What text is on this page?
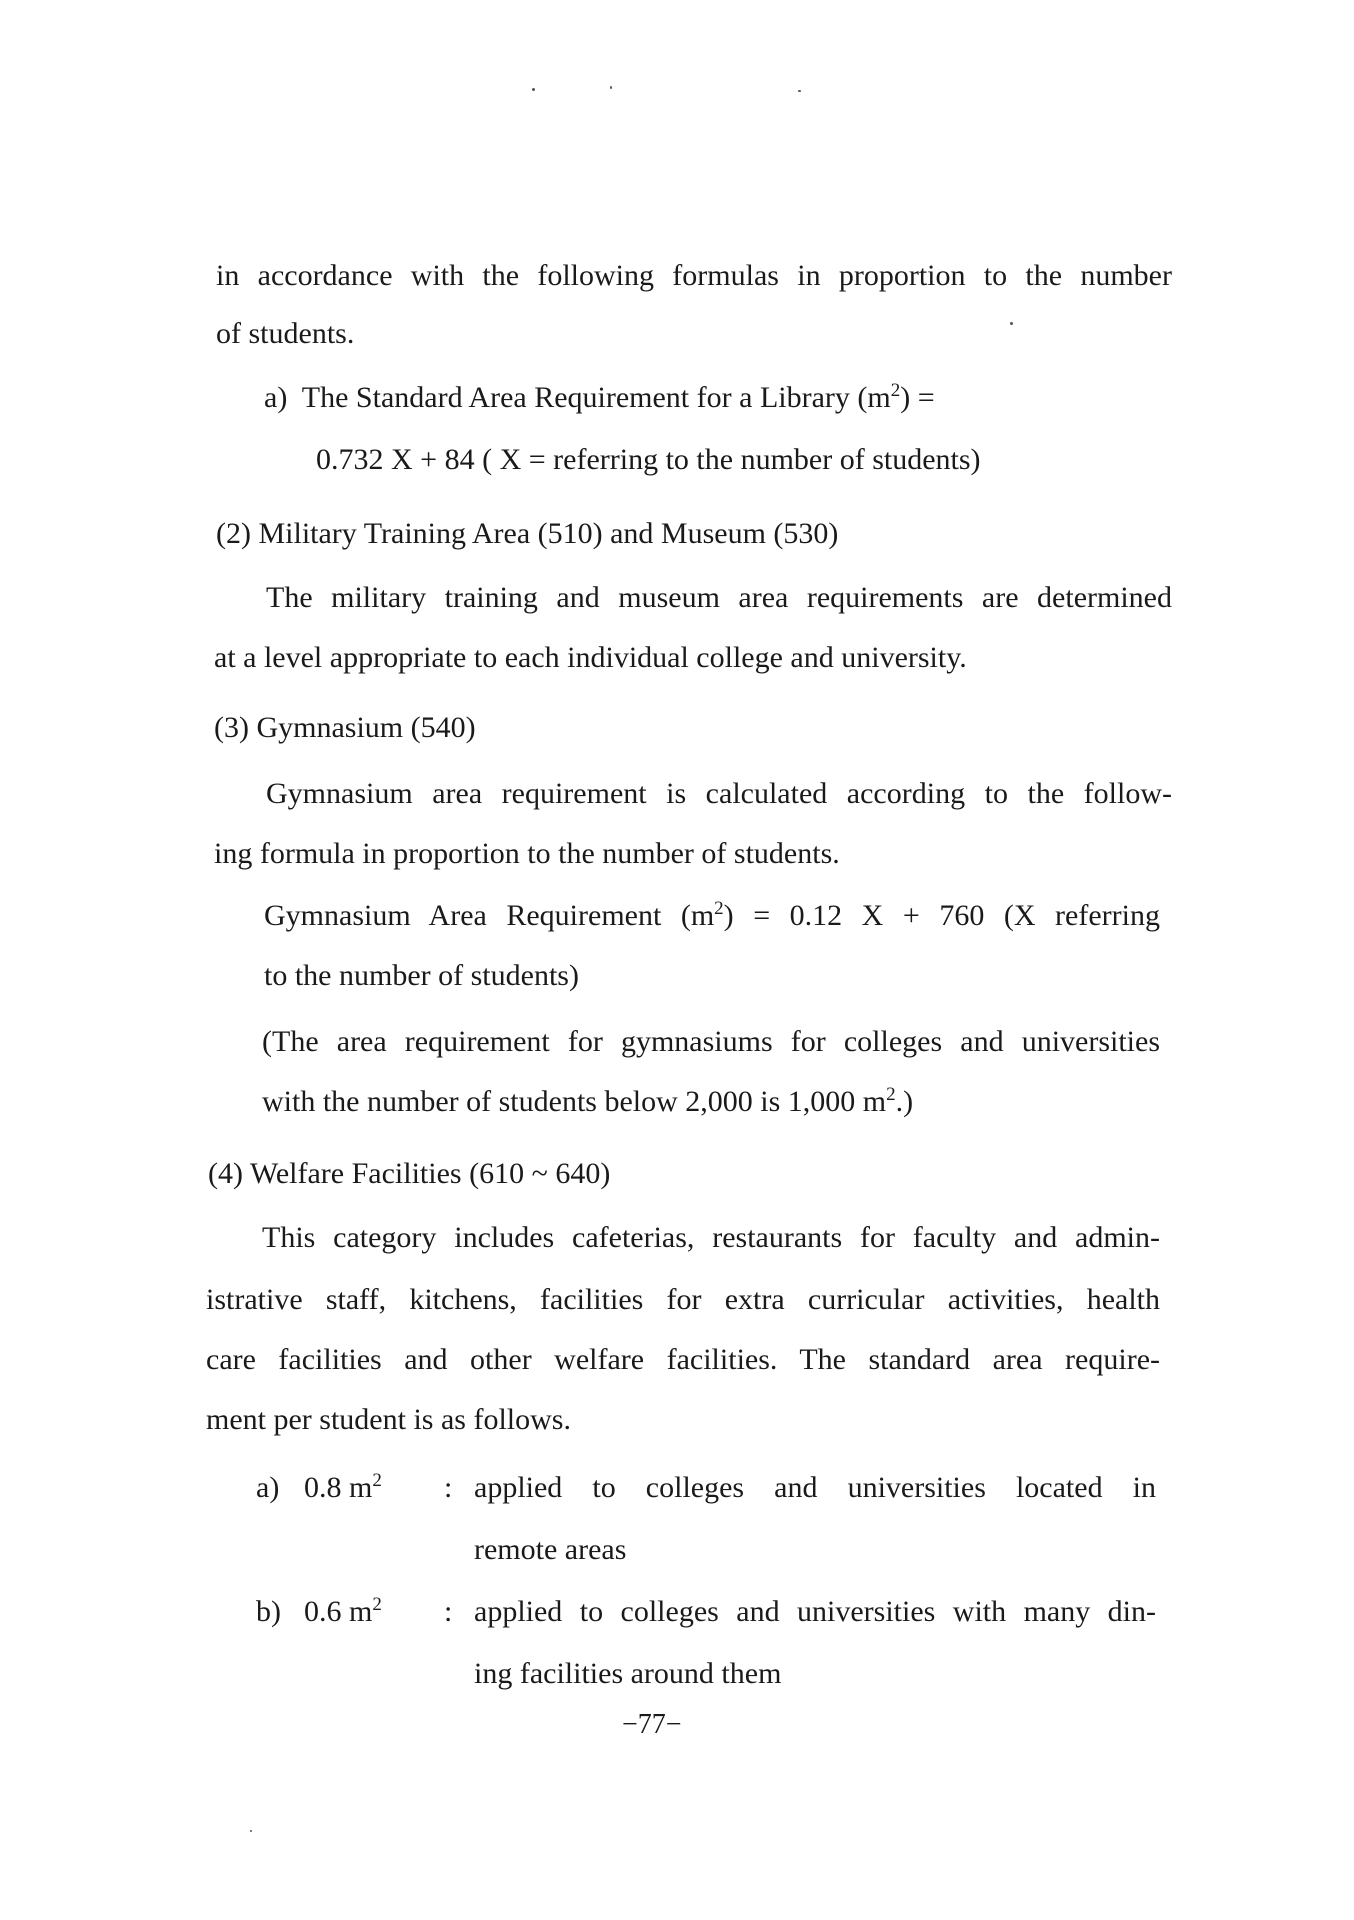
in accordance with the following formulas in proportion to the number
of students.
a) The Standard Area Requirement for a Library $(m^2)$ =
0.732 X + 84 ( X = referring to the number of students)
(2) Military Training Area (510) and Museum (530)
The military training and museum area requirements are determined
at a level appropriate to each individual college and university.
(3) Gymnasium (540)
Gymnasium area requirement is calculated according to the follow-
ing formula in proportion to the number of students.
Gymnasium Area Requirement $(m^2) = 0.12$ X + 760 (X referring
to the number of students)
(The area requirement for gymnasiums for colleges and universities
with the number of students below 2,000 is 1,000 $m^2$.)
(4) Welfare Facilities (610 ~ 640)
This category includes cafeterias, restaurants for faculty and admin-
istrative staff, kitchens, facilities for extra curricular activities, health
care facilities and other welfare facilities. The standard area require-
ment per student is as follows.
a) 0.8 $m^2$ : applied to colleges and universities located in
remote areas
b) 0.6 $m^2$ : applied to colleges and universities with many din-
ing facilities around them
−77−
